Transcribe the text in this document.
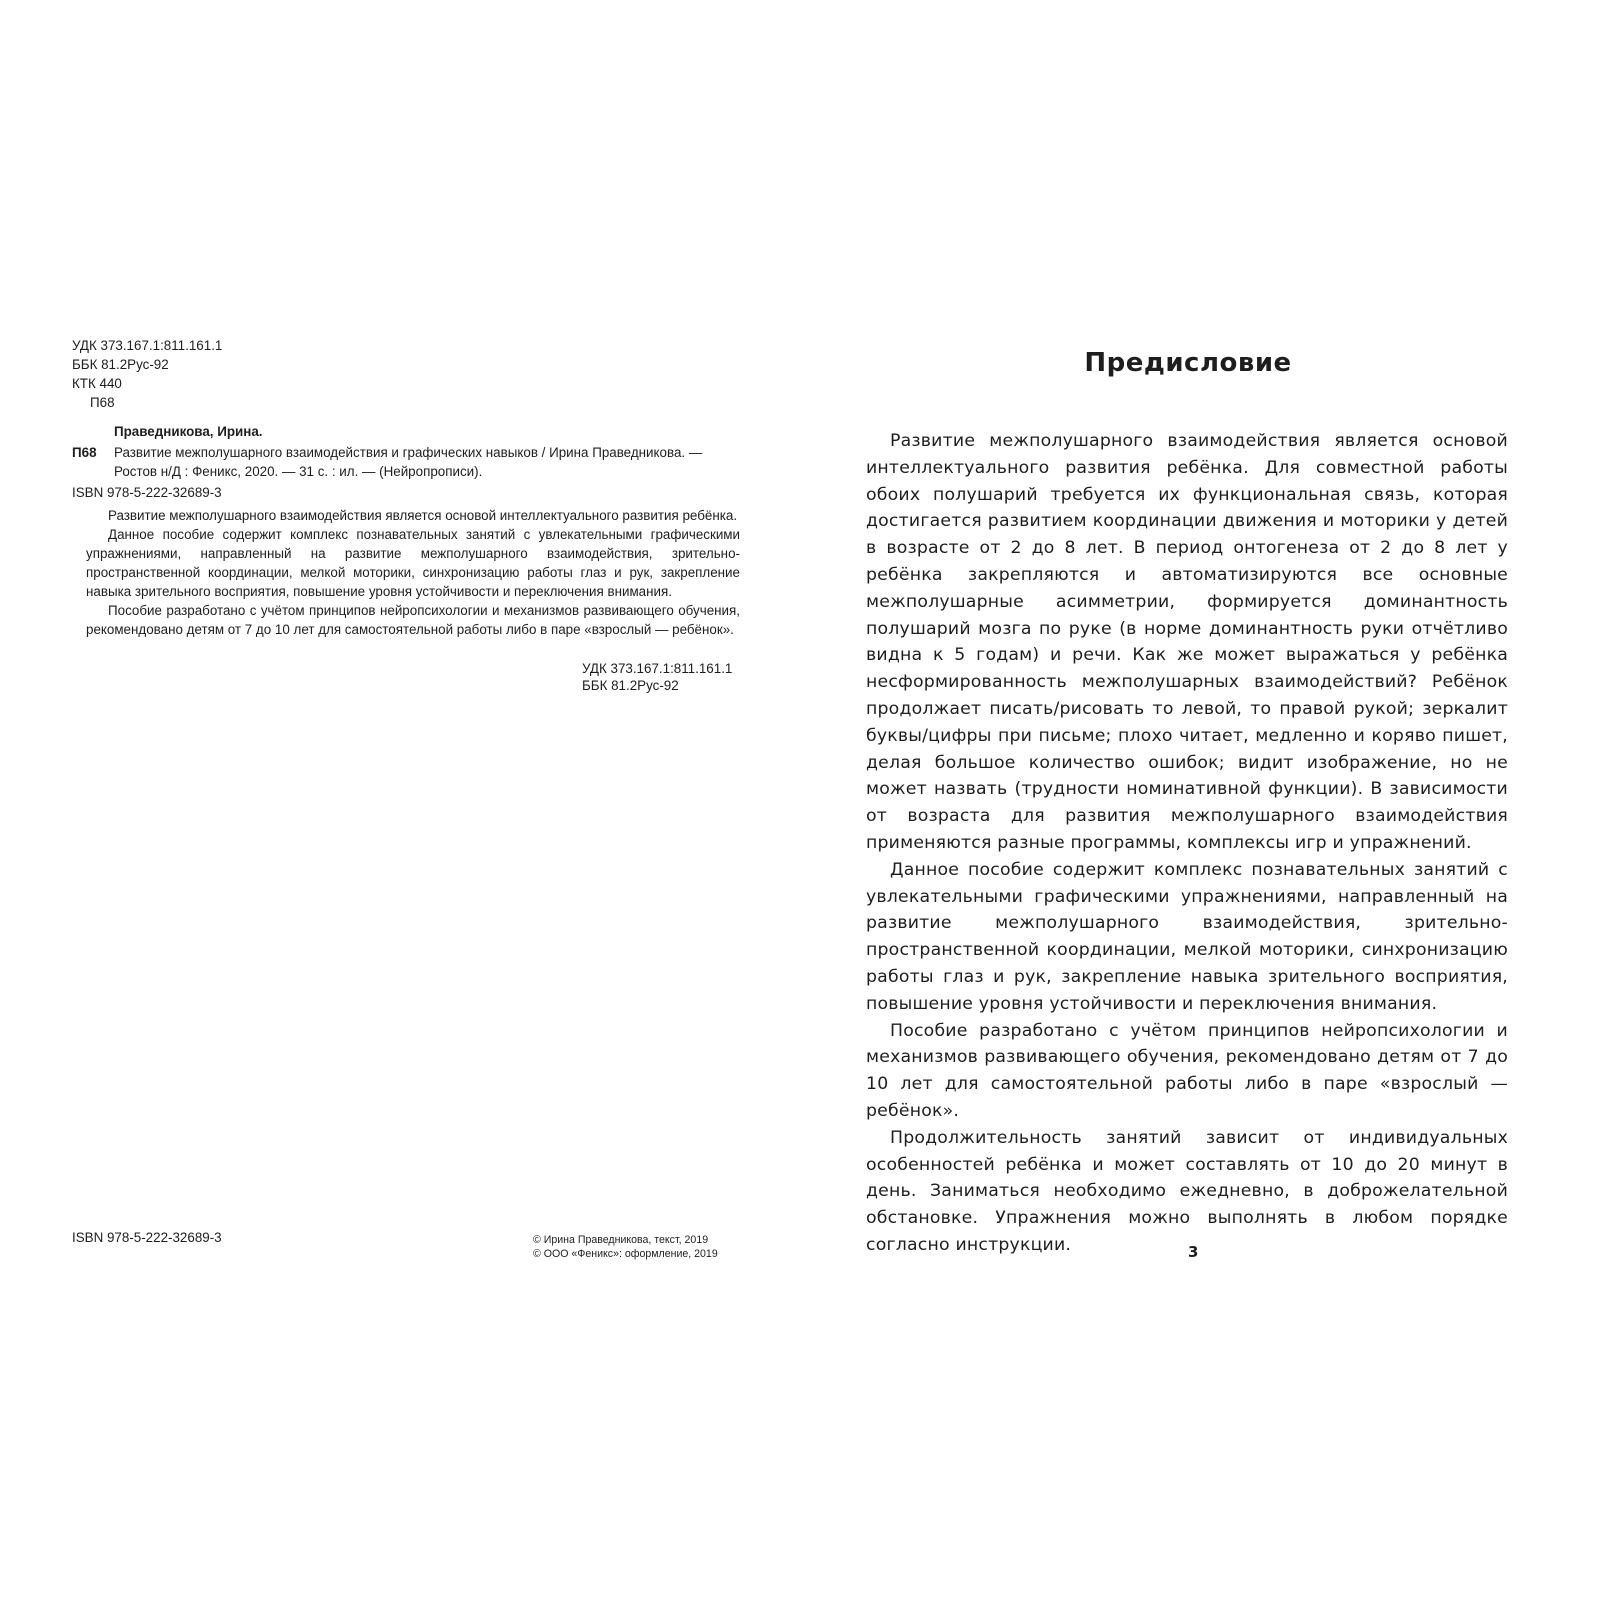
УДК 373.167.1:811.161.1
ББК 81.2Рус-92
КТК 440
П68
Праведникова, Ирина.
П68	Развитие межполушарного взаимодействия и графических навыков / Ирина Праведникова. —
Ростов н/Д : Феникс, 2020. — 31 с. : ил. — (Нейропрописи).
ISBN 978-5-222-32689-3

Развитие межполушарного взаимодействия является основой интеллектуального развития ребёнка.

Данное пособие содержит комплекс познавательных занятий с увлекательными графическими упражнениями, направленный на развитие межполушарного взаимодействия, зрительно-пространственной координации, мелкой моторики, синхронизацию работы глаз и рук, закрепление навыка зрительного восприятия, повышение уровня устойчивости и переключения внимания.

Пособие разработано с учётом принципов нейропсихологии и механизмов развивающего обучения, рекомендовано детям от 7 до 10 лет для самостоятельной работы либо в паре «взрослый — ребёнок».

УДК 373.167.1:811.161.1
ББК 81.2Рус-92
ISBN 978-5-222-32689-3	© Ирина Праведникова, текст, 2019
© ООО «Феникс»: оформление, 2019
Предисловие

Развитие межполушарного взаимодействия является основой интеллектуального развития ребёнка. Для совместной работы обоих полушарий требуется их функциональная связь, которая достигается развитием координации движения и моторики у детей в возрасте от 2 до 8 лет. В период онтогенеза от 2 до 8 лет у ребёнка закрепляются и автоматизируются все основные межполушарные асимметрии, формируется доминантность полушарий мозга по руке (в норме доминантность руки отчётливо видна к 5 годам) и речи. Как же может выражаться у ребёнка несформированность межполушарных взаимодействий? Ребёнок продолжает писать/рисовать то левой, то правой рукой; зеркалит буквы/цифры при письме; плохо читает, медленно и коряво пишет, делая большое количество ошибок; видит изображение, но не может назвать (трудности номинативной функции). В зависимости от возраста для развития межполушарного взаимодействия применяются разные программы, комплексы игр и упражнений.

Данное пособие содержит комплекс познавательных занятий с увлекательными графическими упражнениями, направленный на развитие межполушарного взаимодействия, зрительно-пространственной координации, мелкой моторики, синхронизацию работы глаз и рук, закрепление навыка зрительного восприятия, повышение уровня устойчивости и переключения внимания.

Пособие разработано с учётом принципов нейропсихологии и механизмов развивающего обучения, рекомендовано детям от 7 до 10 лет для самостоятельной работы либо в паре «взрослый — ребёнок».

Продолжительность занятий зависит от индивидуальных особенностей ребёнка и может составлять от 10 до 20 минут в день. Заниматься необходимо ежедневно, в доброжелательной обстановке. Упражнения можно выполнять в любом порядке согласно инструкции.	3
